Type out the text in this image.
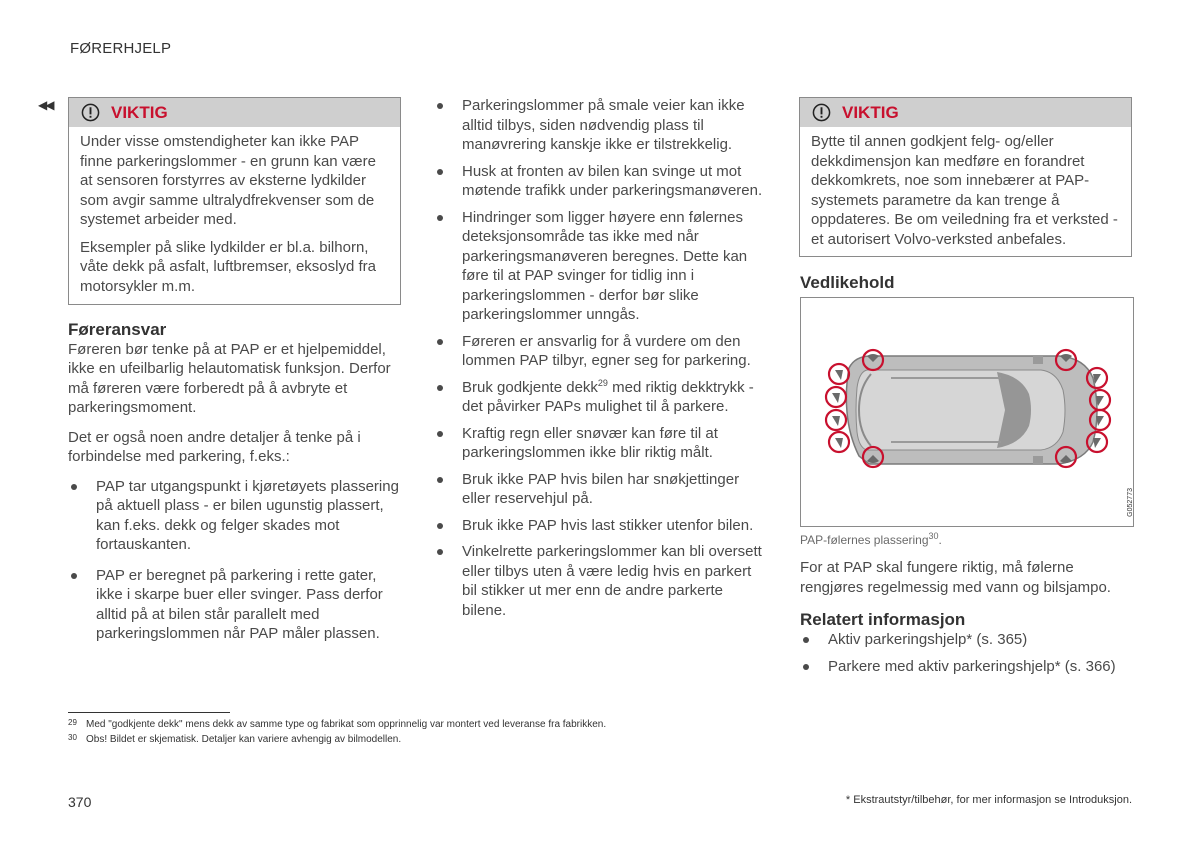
FØRERHJELP
◀◀	VIKTIG

Under visse omstendigheter kan ikke PAP finne parkeringslommer - en grunn kan være at sensoren forstyrres av eksterne lydkilder som avgir samme ultralydfrekvenser som de systemet arbeider med.

Eksempler på slike lydkilder er bl.a. bilhorn, våte dekk på asfalt, luftbremser, eksoslyd fra motorsykler m.m.

Føreransvar

Føreren bør tenke på at PAP er et hjelpemiddel, ikke en ufeilbarlig helautomatisk funksjon. Derfor må føreren være forberedt på å avbryte et parkeringsmoment.

Det er også noen andre detaljer å tenke på i forbindelse med parkering, f.eks.:

PAP tar utgangspunkt i kjøretøyets plassering på aktuell plass - er bilen ugunstig plassert, kan f.eks. dekk og felger skades mot fortauskanten.
PAP er beregnet på parkering i rette gater, ikke i skarpe buer eller svinger. Pass derfor alltid på at bilen står parallelt med parkeringslommen når PAP måler plassen.
Parkeringslommer på smale veier kan ikke alltid tilbys, siden nødvendig plass til manøvrering kanskje ikke er tilstrekkelig.
Husk at fronten av bilen kan svinge ut mot møtende trafikk under parkeringsmanøveren.
Hindringer som ligger høyere enn følernes deteksjonsområde tas ikke med når parkeringsmanøveren beregnes. Dette kan føre til at PAP svinger for tidlig inn i parkeringslommen - derfor bør slike parkeringslommer unngås.
Føreren er ansvarlig for å vurdere om den lommen PAP tilbyr, egner seg for parkering.
Bruk godkjente dekk$^{29}$ med riktig dekktrykk - det påvirker PAPs mulighet til å parkere.
Kraftig regn eller snøvær kan føre til at parkeringslommen ikke blir riktig målt.
Bruk ikke PAP hvis bilen har snøkjettinger eller reservehjul på.
Bruk ikke PAP hvis last stikker utenfor bilen.
Vinkelrette parkeringslommer kan bli oversett eller tilbys uten å være ledig hvis en parkert bil stikker ut mer enn de andre parkerte bilene.
VIKTIG

Bytte til annen godkjent felg- og/eller dekkdimensjon kan medføre en forandret dekkomkrets, noe som innebærer at PAP-systemets parametre da kan trenge å oppdateres. Be om veiledning fra et verksted - et autorisert Volvo-verksted anbefales.

Vedlikehold
G052773
PAP-følernes plassering$^{30}$.
For at PAP skal fungere riktig, må følerne rengjøres regelmessig med vann og bilsjampo.
Relatert informasjon
Aktiv parkeringshjelp* (s. 365)
Parkere med aktiv parkeringshjelp* (s. 366)
29 Med "godkjente dekk" mens dekk av samme type og fabrikat som opprinnelig var montert ved leveranse fra fabrikken.
30 Obs! Bildet er skjematisk. Detaljer kan variere avhengig av bilmodellen.
370	* Ekstrautstyr/tilbehør, for mer informasjon se Introduksjon.
